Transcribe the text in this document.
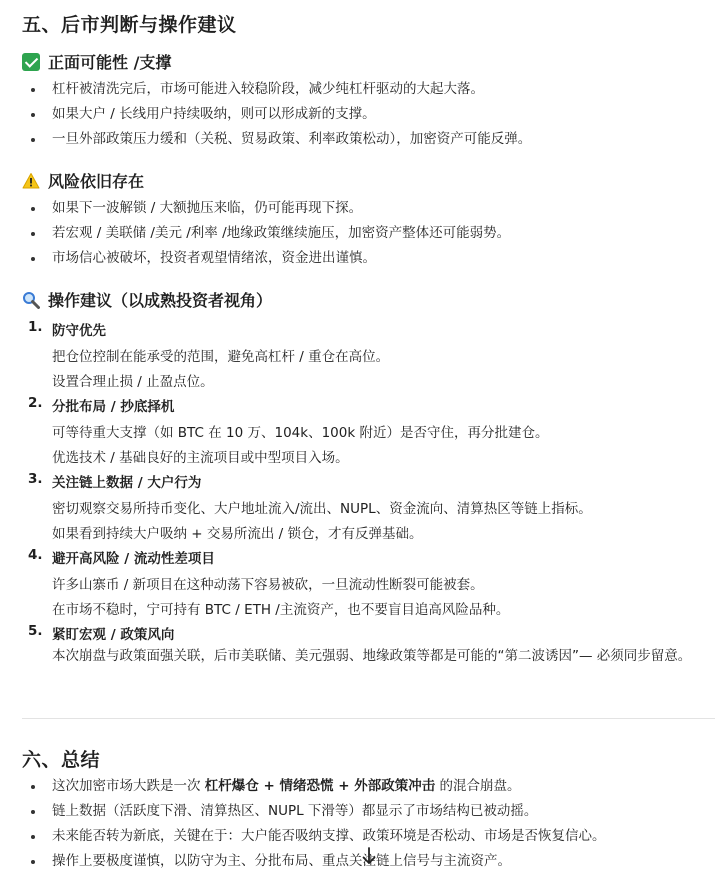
五、后市判断与操作建议
正面可能性 /支撑
杠杆被清洗完后，市场可能进入较稳阶段，减少纯杠杆驱动的大起大落。
如果大户 / 长线用户持续吸纳，则可以形成新的支撑。
一旦外部政策压力缓和（关税、贸易政策、利率政策松动），加密资产可能反弹。
风险依旧存在
如果下一波解锁 / 大额抛压来临，仍可能再现下探。
若宏观 / 美联储 /美元 /利率 /地缘政策继续施压，加密资产整体还可能弱势。
市场信心被破坏，投资者观望情绪浓，资金进出谨慎。
操作建议（以成熟投资者视角）
1. 防守优先
把仓位控制在能承受的范围，避免高杠杆 / 重仓在高位。
设置合理止损 / 止盈点位。
2. 分批布局 / 抄底择机
可等待重大支撑（如 BTC 在 10 万、104k、100k 附近）是否守住，再分批建仓。
优选技术 / 基础良好的主流项目或中型项目入场。
3. 关注链上数据 / 大户行为
密切观察交易所持币变化、大户地址流入/流出、NUPL、资金流向、清算热区等链上指标。
如果看到持续大户吸纳 + 交易所流出 / 锁仓，才有反弹基础。
4. 避开高风险 / 流动性差项目
许多山寨币 / 新项目在这种动荡下容易被砍，一旦流动性断裂可能被套。
在市场不稳时，宁可持有 BTC / ETH /主流资产，也不要盲目追高风险品种。
5. 紧盯宏观 / 政策风向
本次崩盘与政策面强关联，后市美联储、美元强弱、地缘政策等都是可能的“第二波诱因”— 必须同步留意。
六、总结
这次加密市场大跌是一次 杠杆爆仓 + 情绪恐慌 + 外部政策冲击 的混合崩盘。
链上数据（活跃度下滑、清算热区、NUPL 下滑等）都显示了市场结构已被动摇。
未来能否转为新底，关键在于：大户能否吸纳支撑、政策环境是否松动、市场是否恢复信心。
操作上要极度谨慎，以防守为主、分批布局、重点关注链上信号与主流资产。
